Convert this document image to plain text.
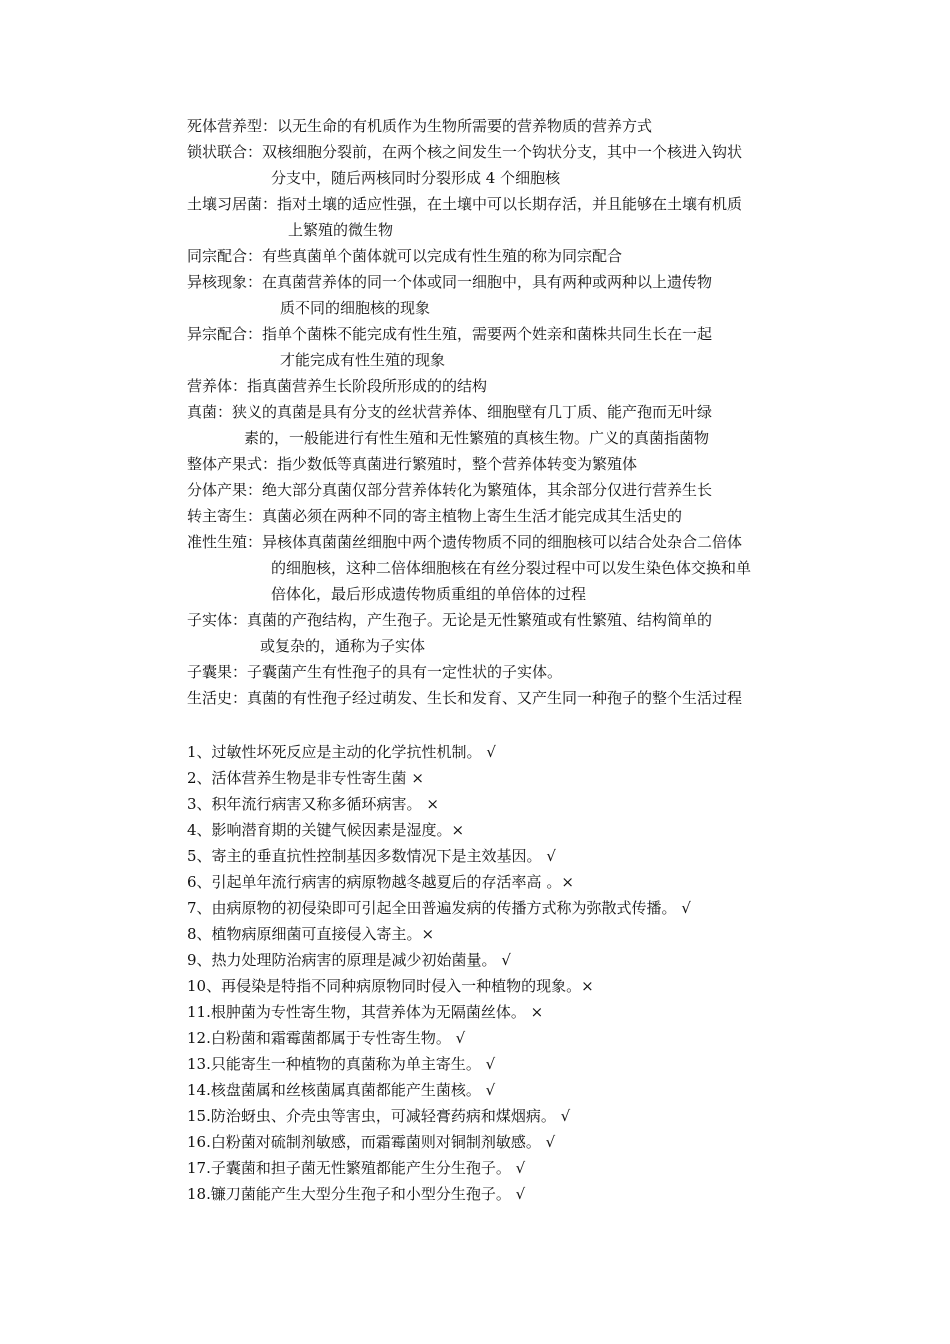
死体营养型：以无生命的有机质作为生物所需要的营养物质的营养方式
锁状联合：双核细胞分裂前，在两个核之间发生一个钩状分支，其中一个核进入钩状
分支中，随后两核同时分裂形成 4 个细胞核
土壤习居菌：指对土壤的适应性强，在土壤中可以长期存活，并且能够在土壤有机质
上繁殖的微生物
同宗配合：有些真菌单个菌体就可以完成有性生殖的称为同宗配合
异核现象：在真菌营养体的同一个体或同一细胞中，具有两种或两种以上遗传物
质不同的细胞核的现象
异宗配合：指单个菌株不能完成有性生殖，需要两个姓亲和菌株共同生长在一起
才能完成有性生殖的现象
营养体：指真菌营养生长阶段所形成的的结构
真菌：狭义的真菌是具有分支的丝状营养体、细胞壁有几丁质、能产孢而无叶绿
素的，一般能进行有性生殖和无性繁殖的真核生物。广义的真菌指菌物
整体产果式：指少数低等真菌进行繁殖时，整个营养体转变为繁殖体
分体产果：绝大部分真菌仅部分营养体转化为繁殖体，其余部分仅进行营养生长
转主寄生：真菌必须在两种不同的寄主植物上寄生生活才能完成其生活史的
准性生殖：异核体真菌菌丝细胞中两个遗传物质不同的细胞核可以结合处杂合二倍体
的细胞核，这种二倍体细胞核在有丝分裂过程中可以发生染色体交换和单
倍体化，最后形成遗传物质重组的单倍体的过程
子实体：真菌的产孢结构，产生孢子。无论是无性繁殖或有性繁殖、结构简单的
或复杂的，通称为子实体
子囊果：子囊菌产生有性孢子的具有一定性状的子实体。
生活史：真菌的有性孢子经过萌发、生长和发育、又产生同一种孢子的整个生活过程
1、过敏性坏死反应是主动的化学抗性机制。 √
2、活体营养生物是非专性寄生菌 ×
3、积年流行病害又称多循环病害。 ×
4、影响潜育期的关键气候因素是湿度。×
5、寄主的垂直抗性控制基因多数情况下是主效基因。 √
6、引起单年流行病害的病原物越冬越夏后的存活率高 。×
7、由病原物的初侵染即可引起全田普遍发病的传播方式称为弥散式传播。 √
8、植物病原细菌可直接侵入寄主。×
9、热力处理防治病害的原理是减少初始菌量。 √
10、再侵染是特指不同种病原物同时侵入一种植物的现象。×
11.根肿菌为专性寄生物，其营养体为无隔菌丝体。 ×
12.白粉菌和霜霉菌都属于专性寄生物。 √
13.只能寄生一种植物的真菌称为单主寄生。 √
14.核盘菌属和丝核菌属真菌都能产生菌核。 √
15.防治蚜虫、介壳虫等害虫，可减轻膏药病和煤烟病。 √
16.白粉菌对硫制剂敏感，而霜霉菌则对铜制剂敏感。 √
17.子囊菌和担子菌无性繁殖都能产生分生孢子。 √
18.镰刀菌能产生大型分生孢子和小型分生孢子。 √
